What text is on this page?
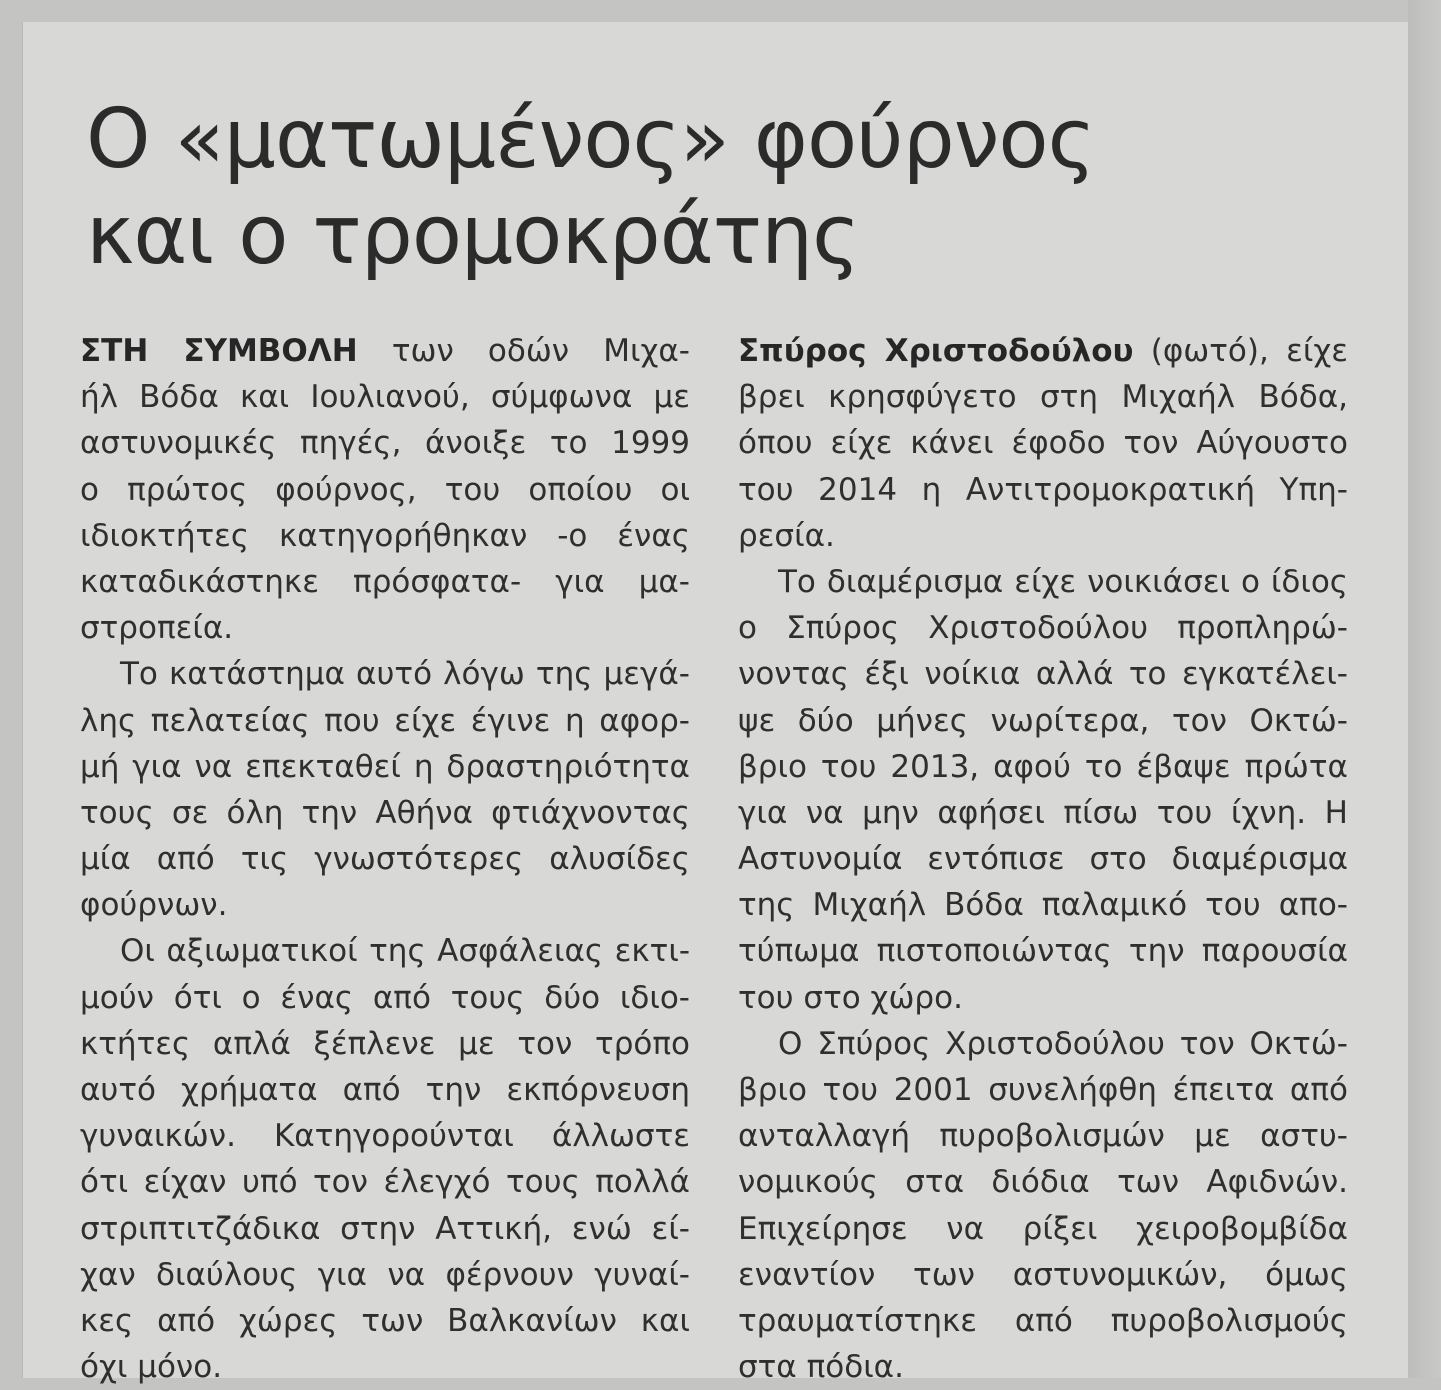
Ο «ματωμένος» φούρνος
και ο τρομοκράτης
ΣΤΗ ΣΥΜΒΟΛΗ των οδών Μιχα-
ήλ Βόδα και Ιουλιανού, σύμφωνα με
αστυνομικές πηγές, άνοιξε το 1999
ο πρώτος φούρνος, του οποίου οι
ιδιοκτήτες κατηγορήθηκαν -ο ένας
καταδικάστηκε πρόσφατα- για μα-
στροπεία.
Το κατάστημα αυτό λόγω της μεγά-
λης πελατείας που είχε έγινε η αφορ-
μή για να επεκταθεί η δραστηριότητα
τους σε όλη την Αθήνα φτιάχνοντας
μία από τις γνωστότερες αλυσίδες
φούρνων.
Οι αξιωματικοί της Ασφάλειας εκτι-
μούν ότι ο ένας από τους δύο ιδιο-
κτήτες απλά ξέπλενε με τον τρόπο
αυτό χρήματα από την εκπόρνευση
γυναικών. Κατηγορούνται άλλωστε
ότι είχαν υπό τον έλεγχό τους πολλά
στριπτιτζάδικα στην Αττική, ενώ εί-
χαν διαύλους για να φέρνουν γυναί-
κες από χώρες των Βαλκανίων και
όχι μόνο.
Σπύρος Χριστοδούλου (φωτό), είχε
βρει κρησφύγετο στη Μιχαήλ Βόδα,
όπου είχε κάνει έφοδο τον Αύγουστο
του 2014 η Αντιτρομοκρατική Υπη-
ρεσία.
Το διαμέρισμα είχε νοικιάσει ο ίδιος
ο Σπύρος Χριστοδούλου προπληρώ-
νοντας έξι νοίκια αλλά το εγκατέλει-
ψε δύο μήνες νωρίτερα, τον Οκτώ-
βριο του 2013, αφού το έβαψε πρώτα
για να μην αφήσει πίσω του ίχνη. Η
Αστυνομία εντόπισε στο διαμέρισμα
της Μιχαήλ Βόδα παλαμικό του απο-
τύπωμα πιστοποιώντας την παρουσία
του στο χώρο.
Ο Σπύρος Χριστοδούλου τον Οκτώ-
βριο του 2001 συνελήφθη έπειτα από
ανταλλαγή πυροβολισμών με αστυ-
νομικούς στα διόδια των Αφιδνών.
Επιχείρησε να ρίξει χειροβομβίδα
εναντίον των αστυνομικών, όμως
τραυματίστηκε από πυροβολισμούς
στα πόδια.
